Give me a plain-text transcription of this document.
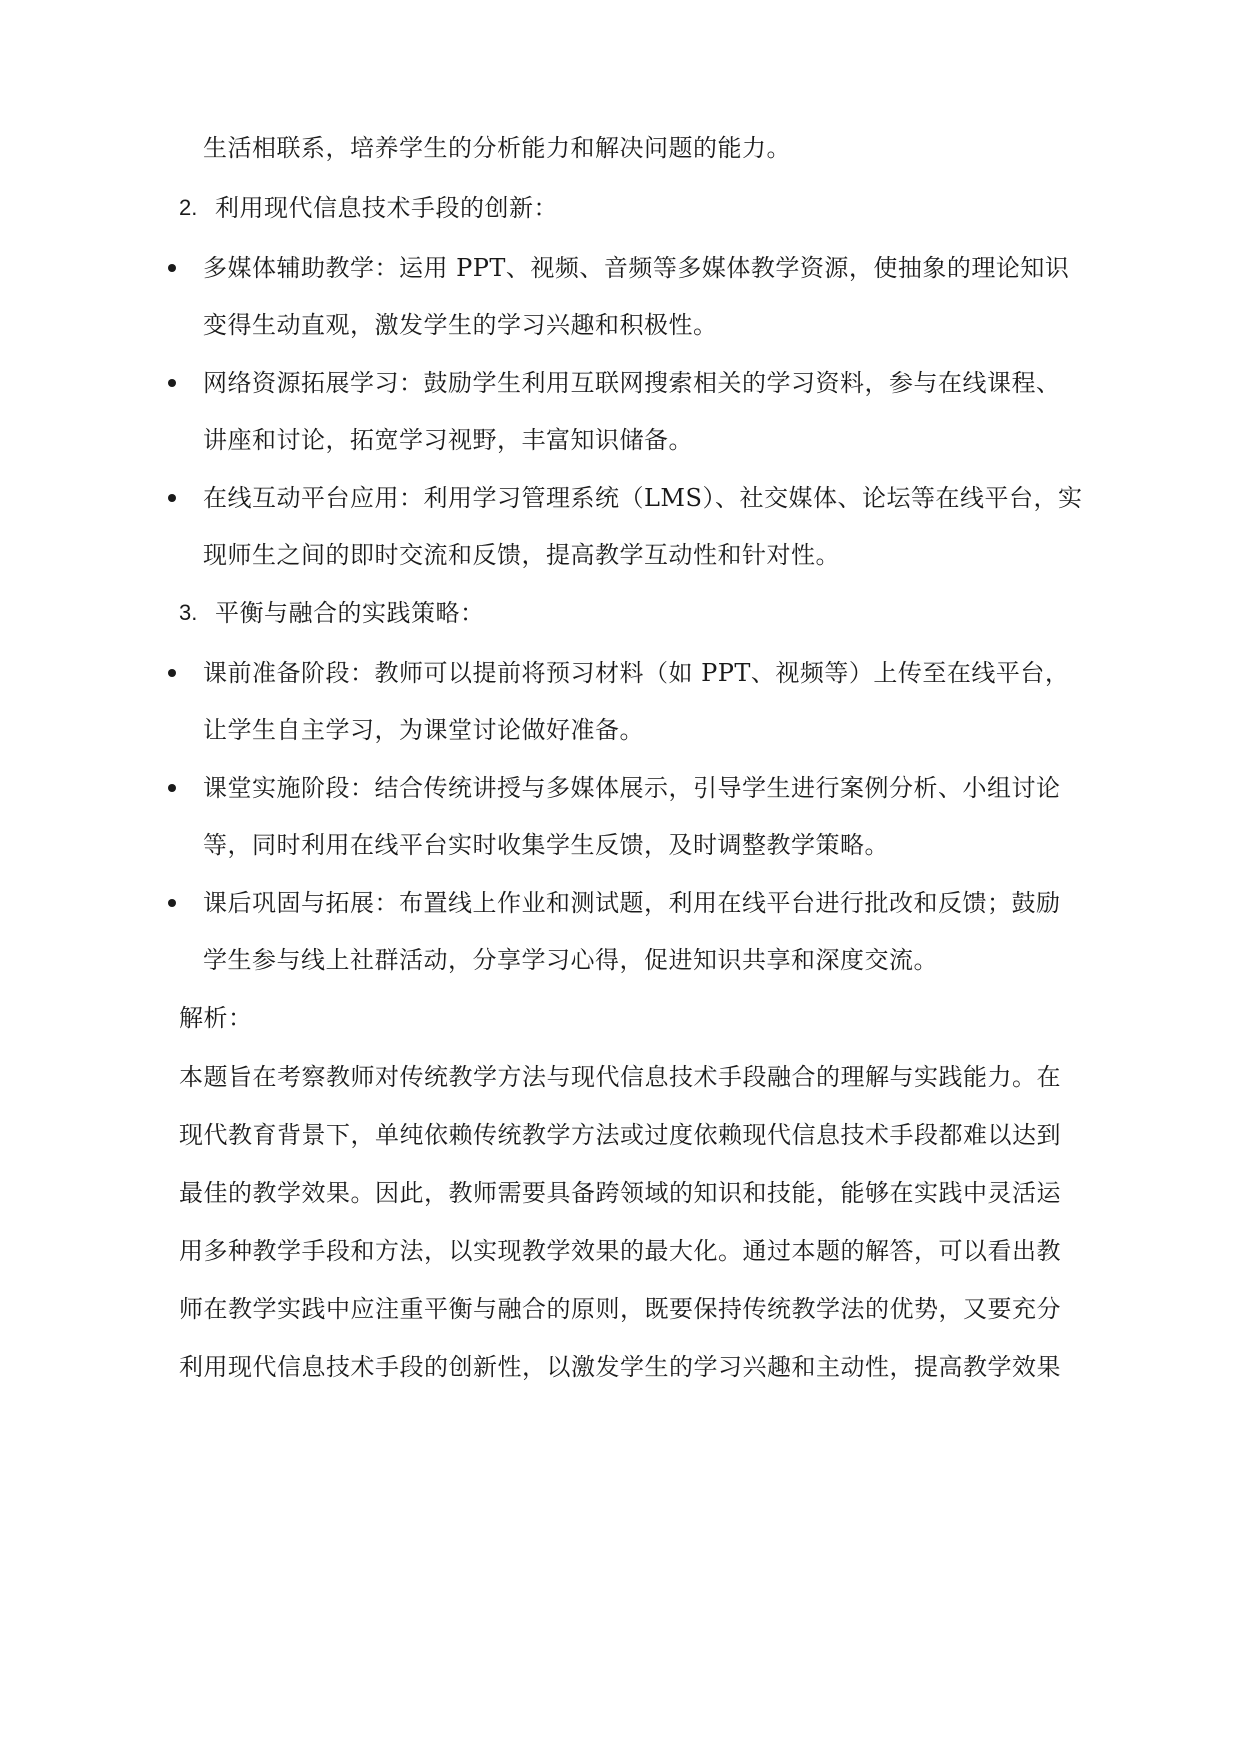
生活相联系，培养学生的分析能力和解决问题的能力。
2. 利用现代信息技术手段的创新：
多媒体辅助教学：运用 PPT、视频、音频等多媒体教学资源，使抽象的理论知识
变得生动直观，激发学生的学习兴趣和积极性。
网络资源拓展学习：鼓励学生利用互联网搜索相关的学习资料，参与在线课程、
讲座和讨论，拓宽学习视野，丰富知识储备。
在线互动平台应用：利用学习管理系统（LMS）、社交媒体、论坛等在线平台，实
现师生之间的即时交流和反馈，提高教学互动性和针对性。
3. 平衡与融合的实践策略：
课前准备阶段：教师可以提前将预习材料（如 PPT、视频等）上传至在线平台，
让学生自主学习，为课堂讨论做好准备。
课堂实施阶段：结合传统讲授与多媒体展示，引导学生进行案例分析、小组讨论
等，同时利用在线平台实时收集学生反馈，及时调整教学策略。
课后巩固与拓展：布置线上作业和测试题，利用在线平台进行批改和反馈；鼓励
学生参与线上社群活动，分享学习心得，促进知识共享和深度交流。
解析：
本题旨在考察教师对传统教学方法与现代信息技术手段融合的理解与实践能力。在
现代教育背景下，单纯依赖传统教学方法或过度依赖现代信息技术手段都难以达到
最佳的教学效果。因此，教师需要具备跨领域的知识和技能，能够在实践中灵活运
用多种教学手段和方法，以实现教学效果的最大化。通过本题的解答，可以看出教
师在教学实践中应注重平衡与融合的原则，既要保持传统教学法的优势，又要充分
利用现代信息技术手段的创新性，以激发学生的学习兴趣和主动性，提高教学效果
